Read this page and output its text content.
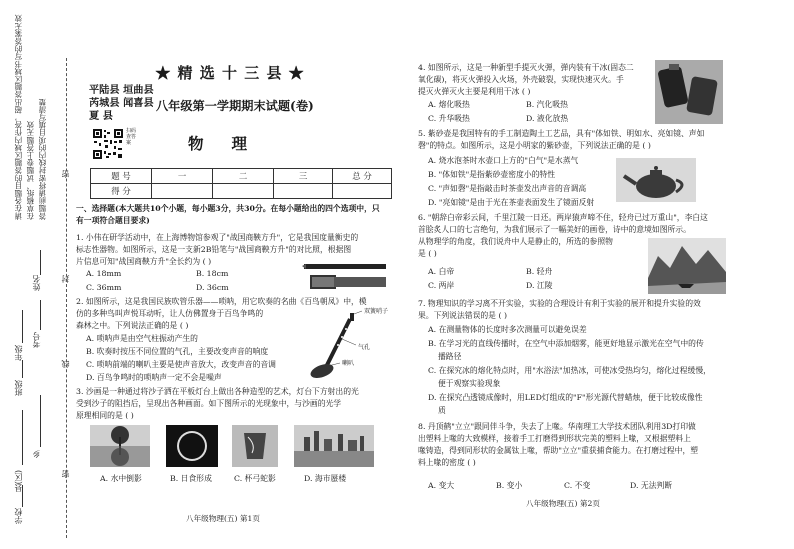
请在各题目的答题区域内作答，超出答题区域书写的答案无效 在草稿纸、试题卷上答题无效 答题前请将密封线内的项目填写清楚 密
封
线
密
姓名
考号
年级
班级
乡
县(区)
学校
★ 精 选 十 三 县 ★
平陆县 垣曲县
芮城县 闻喜县
夏 县
八年级第一学期期末试题(卷)
扫码查答案	物理
题 号	一	二	三	总 分
得 分				
一、选择题(本大题共10个小题，每小题3分，共30分。在每小题给出的四个选项中，只有一项符合题目要求)
1. 小伟在研学活动中，在上海博物馆参观了"战国商鞅方升"，它是我国度量衡史的
标志性器物。如图所示，这是一支新2B铅笔与"战国商鞅方升"的对比照，根据图
片信息可知"战国商鞅方升"全长约为 ( )
A. 18mm	B. 18cm
C. 36mm	D. 36cm
2. 如图所示，这是我国民族吹管乐器——唢呐，用它吹奏的名曲《百鸟朝凤》中，模
仿的多种鸟叫声悦耳动听，让人仿佛置身于百鸟争鸣的
森林之中。下列说法正确的是 ( )
A. 唢呐声是由空气柱振动产生的
B. 吹奏时按压不同位置的气孔，主要改变声音的响度
C. 唢呐前端的喇叭主要是使声音放大，改变声音的音调
D. 百鸟争鸣时的唢呐声一定不会是噪声
双簧哨子
气孔
喇叭
3. 沙画是一种通过将沙子洒在平板灯台上做出各种造型的艺术，灯台下方射出的光
受到沙子的阻挡后，呈现出各种画面。如下图所示的光现象中，与沙画的光学
原理相同的是 ( )
A. 水中倒影	B. 日食形成	C. 杯弓蛇影	D. 海市蜃楼
八年级物理(五) 第1页
4. 如图所示，这是一种新型手提灭火弹，弹内装有干冰(固态二
氧化碳)，将灭火弹投入火场，外壳破裂，实现快速灭火。手
提灭火弹灭火主要是利用干冰 ( )
A. 熔化吸热	B. 汽化吸热
C. 升华吸热	D. 液化放热
5. 紫砂壶是我国特有的手工制造陶土工艺品，具有"体如铁、明如水、亮如镜、声如
磬"的特点。如图所示，这是小明家的紫砂壶，下列说法正确的是 ( )
A. 烧水泡茶时水壶口上方的"白气"是水蒸气
B. "体如铁"是指紫砂壶密度小的特性
C. "声如磬"是指敲击时茶壶发出声音的音调高
D. "亮如镜"是由于光在茶壶表面发生了镜面反射
6. "朝辞白帝彩云间，千里江陵一日还。两岸猿声啼不住，轻舟已过万重山"，李白这
首脍炙人口的七言绝句，为我们展示了一幅美好的画卷，诗中的意境如图所示。
从物理学的角度，我们说舟中人是静止的，所选的参照物
是 ( )
A. 白帝	B. 轻舟
C. 两岸	D. 江陵
7. 物理知识的学习离不开实验，实验的合理设计有利于实验的展开和提升实验的效
果。下列说法错误的是 ( )
A. 在测量物体的长度时多次测量可以避免误差
B. 在学习光的直线传播时，在空气中添加烟雾，能更好地显示激光在空气中的传
播路径
C. 在探究冰的熔化特点时，用"水浴法"加热冰，可使冰受热均匀，熔化过程缓慢，
便于观察实验现象
D. 在探究凸透镜成像时，用LED灯组成的"F"形光源代替蜡烛，便于比较成像性
质
8. 丹顶鹤"立立"跟同伴斗争，失去了上喙。华南理工大学技术团队利用3D打印做
出塑料上喙的大致模样，接着手工打磨得到形状完美的塑料上喙，又根据塑料上
喙铸造，得到同形状的金属钛上喙，帮助"立立"重获捕食能力。在打磨过程中，塑
料上喙的密度 ( )
A. 变大	B. 变小	C. 不变	D. 无法判断
八年级物理(五) 第2页
